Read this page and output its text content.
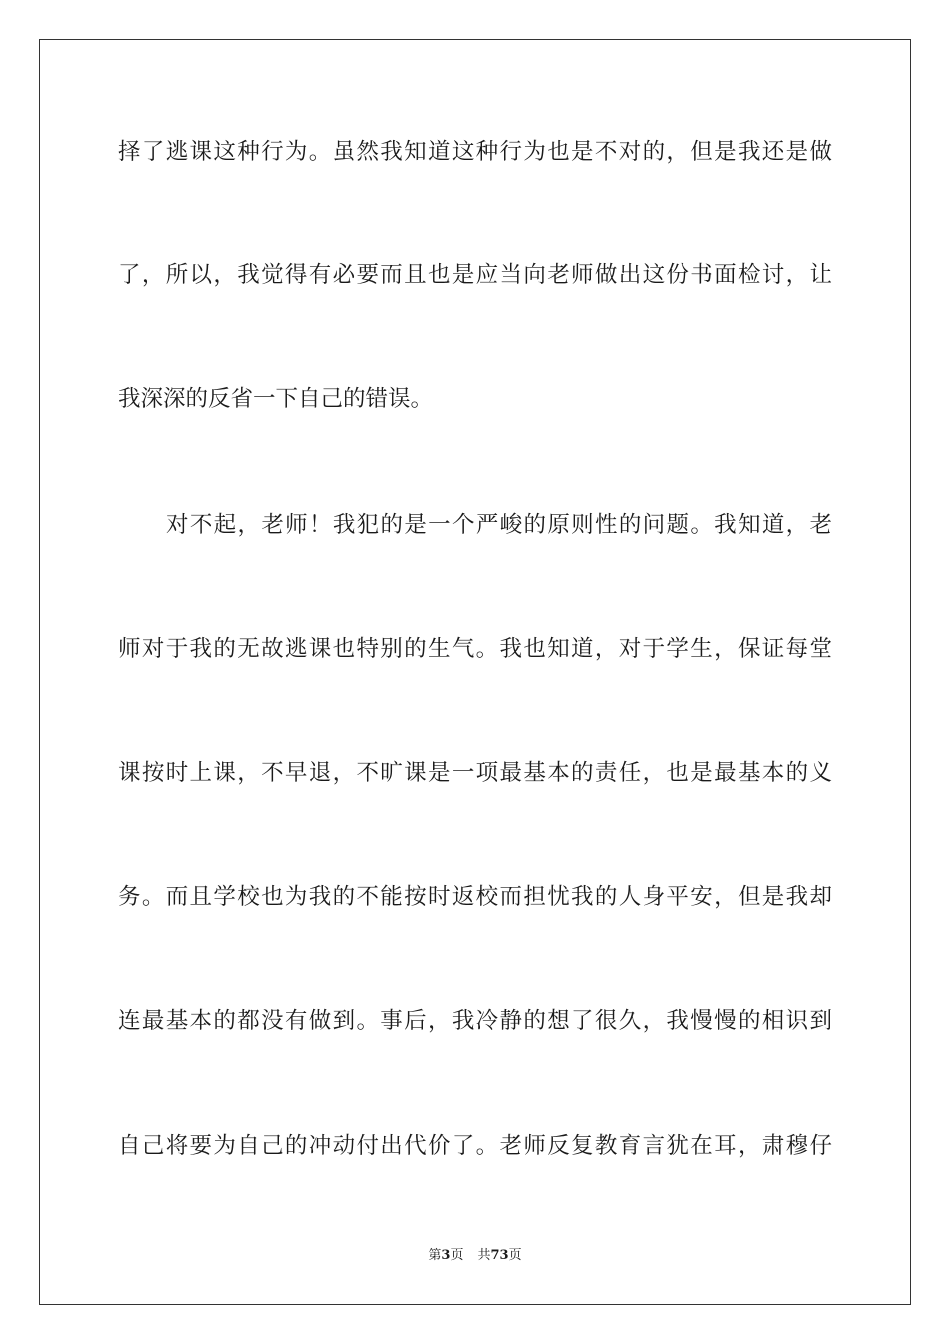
择了逃课这种行为。虽然我知道这种行为也是不对的，但是我还是做
了，所以，我觉得有必要而且也是应当向老师做出这份书面检讨，让
我深深的反省一下自己的错误。
对不起，老师！我犯的是一个严峻的原则性的问题。我知道，老
师对于我的无故逃课也特别的生气。我也知道，对于学生，保证每堂
课按时上课，不早退，不旷课是一项最基本的责任，也是最基本的义
务。而且学校也为我的不能按时返校而担忧我的人身平安，但是我却
连最基本的都没有做到。事后，我冷静的想了很久，我慢慢的相识到
自己将要为自己的冲动付出代价了。老师反复教育言犹在耳，肃穆仔
第3页 共73页
